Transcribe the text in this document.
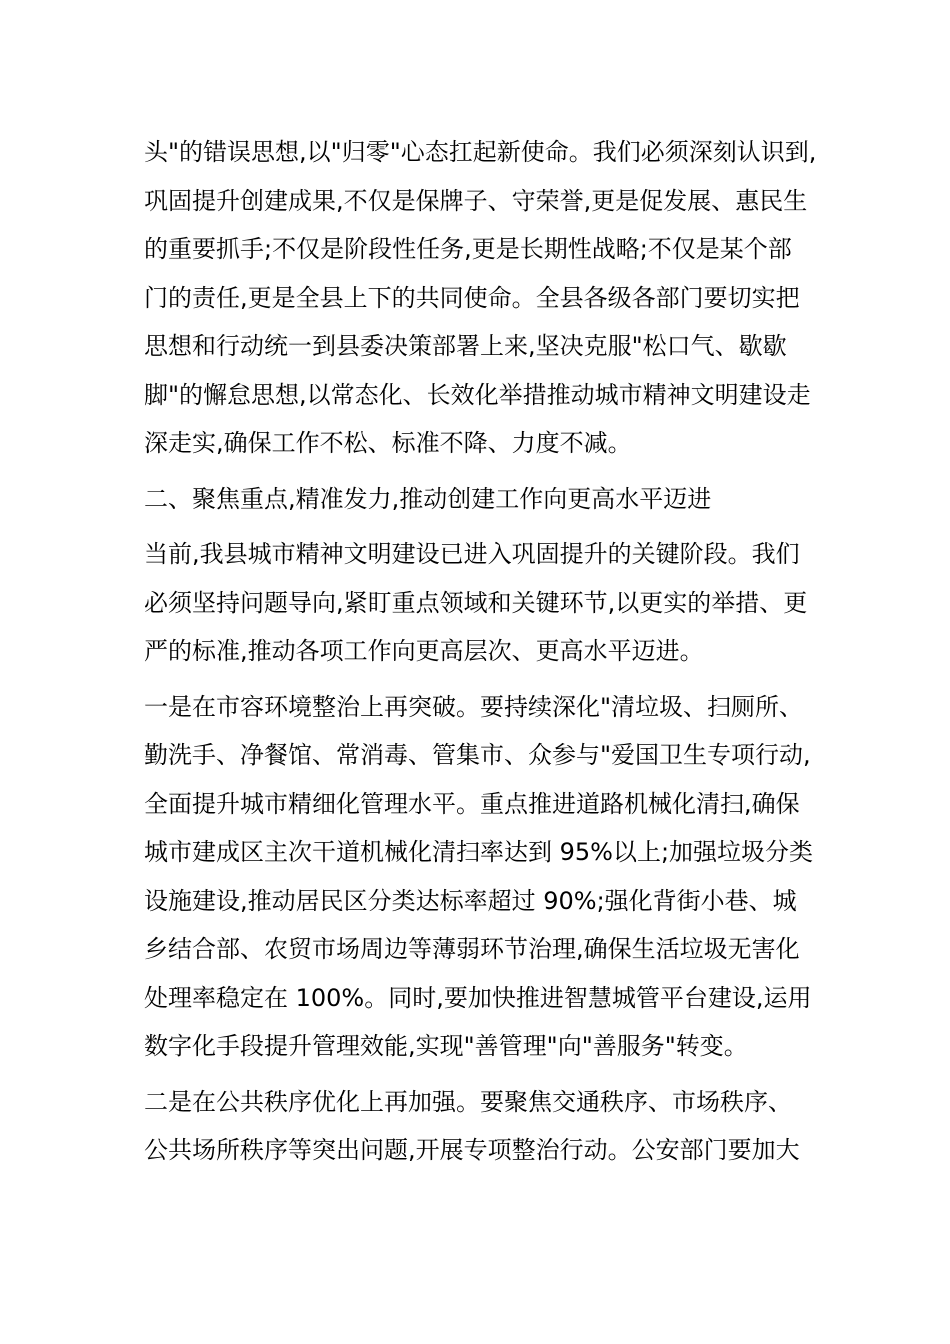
头"的错误思想,以"归零"心态扛起新使命。我们必须深刻认识到,
巩固提升创建成果,不仅是保牌子、守荣誉,更是促发展、惠民生
的重要抓手;不仅是阶段性任务,更是长期性战略;不仅是某个部
门的责任,更是全县上下的共同使命。全县各级各部门要切实把
思想和行动统一到县委决策部署上来,坚决克服"松口气、歇歇
脚"的懈怠思想,以常态化、长效化举措推动城市精神文明建设走
深走实,确保工作不松、标准不降、力度不减。
二、聚焦重点,精准发力,推动创建工作向更高水平迈进
当前,我县城市精神文明建设已进入巩固提升的关键阶段。我们
必须坚持问题导向,紧盯重点领域和关键环节,以更实的举措、更
严的标准,推动各项工作向更高层次、更高水平迈进。
一是在市容环境整治上再突破。要持续深化"清垃圾、扫厕所、
勤洗手、净餐馆、常消毒、管集市、众参与"爱国卫生专项行动,
全面提升城市精细化管理水平。重点推进道路机械化清扫,确保
城市建成区主次干道机械化清扫率达到 95%以上;加强垃圾分类
设施建设,推动居民区分类达标率超过 90%;强化背街小巷、城
乡结合部、农贸市场周边等薄弱环节治理,确保生活垃圾无害化
处理率稳定在 100%。同时,要加快推进智慧城管平台建设,运用
数字化手段提升管理效能,实现"善管理"向"善服务"转变。
二是在公共秩序优化上再加强。要聚焦交通秩序、市场秩序、
公共场所秩序等突出问题,开展专项整治行动。公安部门要加大
